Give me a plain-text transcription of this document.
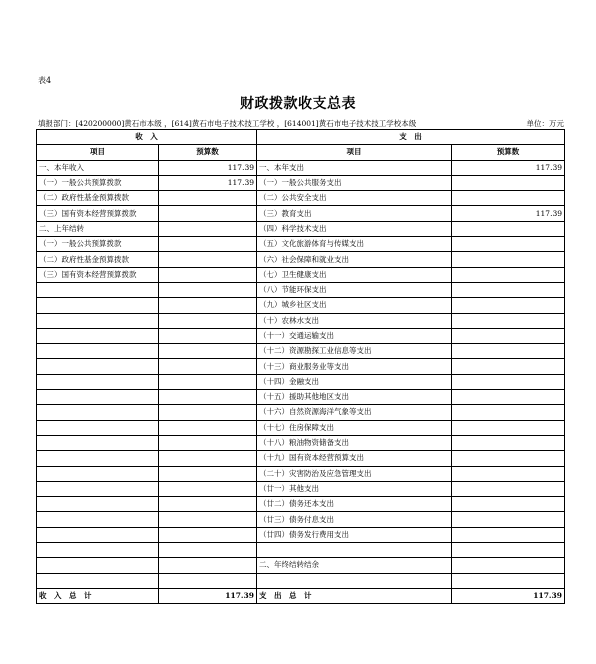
表4
财政拨款收支总表
填报部门：[420200000]黄石市本级 ，[614]黄石市电子技术技工学校 ，[614001]黄石市电子技术技工学校本级	单位：万元
收　入		支　出	
项目	预算数	项目	预算数
一、本年收入	117.39	一、本年支出	117.39
（一）一般公共预算拨款	117.39	（一）一般公共服务支出	
（二）政府性基金预算拨款		（二）公共安全支出	
（三）国有资本经营预算拨款		（三）教育支出	117.39
二、上年结转		（四）科学技术支出	
（一）一般公共预算拨款		（五）文化旅游体育与传媒支出	
（二）政府性基金预算拨款		（六）社会保障和就业支出	
（三）国有资本经营预算拨款		（七）卫生健康支出	
		（八）节能环保支出	
		（九）城乡社区支出	
		（十）农林水支出	
		（十一）交通运输支出	
		（十二）资源勘探工业信息等支出	
		（十三）商业服务业等支出	
		（十四）金融支出	
		（十五）援助其他地区支出	
		（十六）自然资源海洋气象等支出	
		（十七）住房保障支出	
		（十八）粮油物资储备支出	
		（十九）国有资本经营预算支出	
		（二十）灾害防治及应急管理支出	
		（廿一）其他支出	
		（廿二）债务还本支出	
		（廿三）债务付息支出	
		（廿四）债务发行费用支出	

		二、年终结转结余	

收　入　总　计	117.39	支　出　总　计	117.39
